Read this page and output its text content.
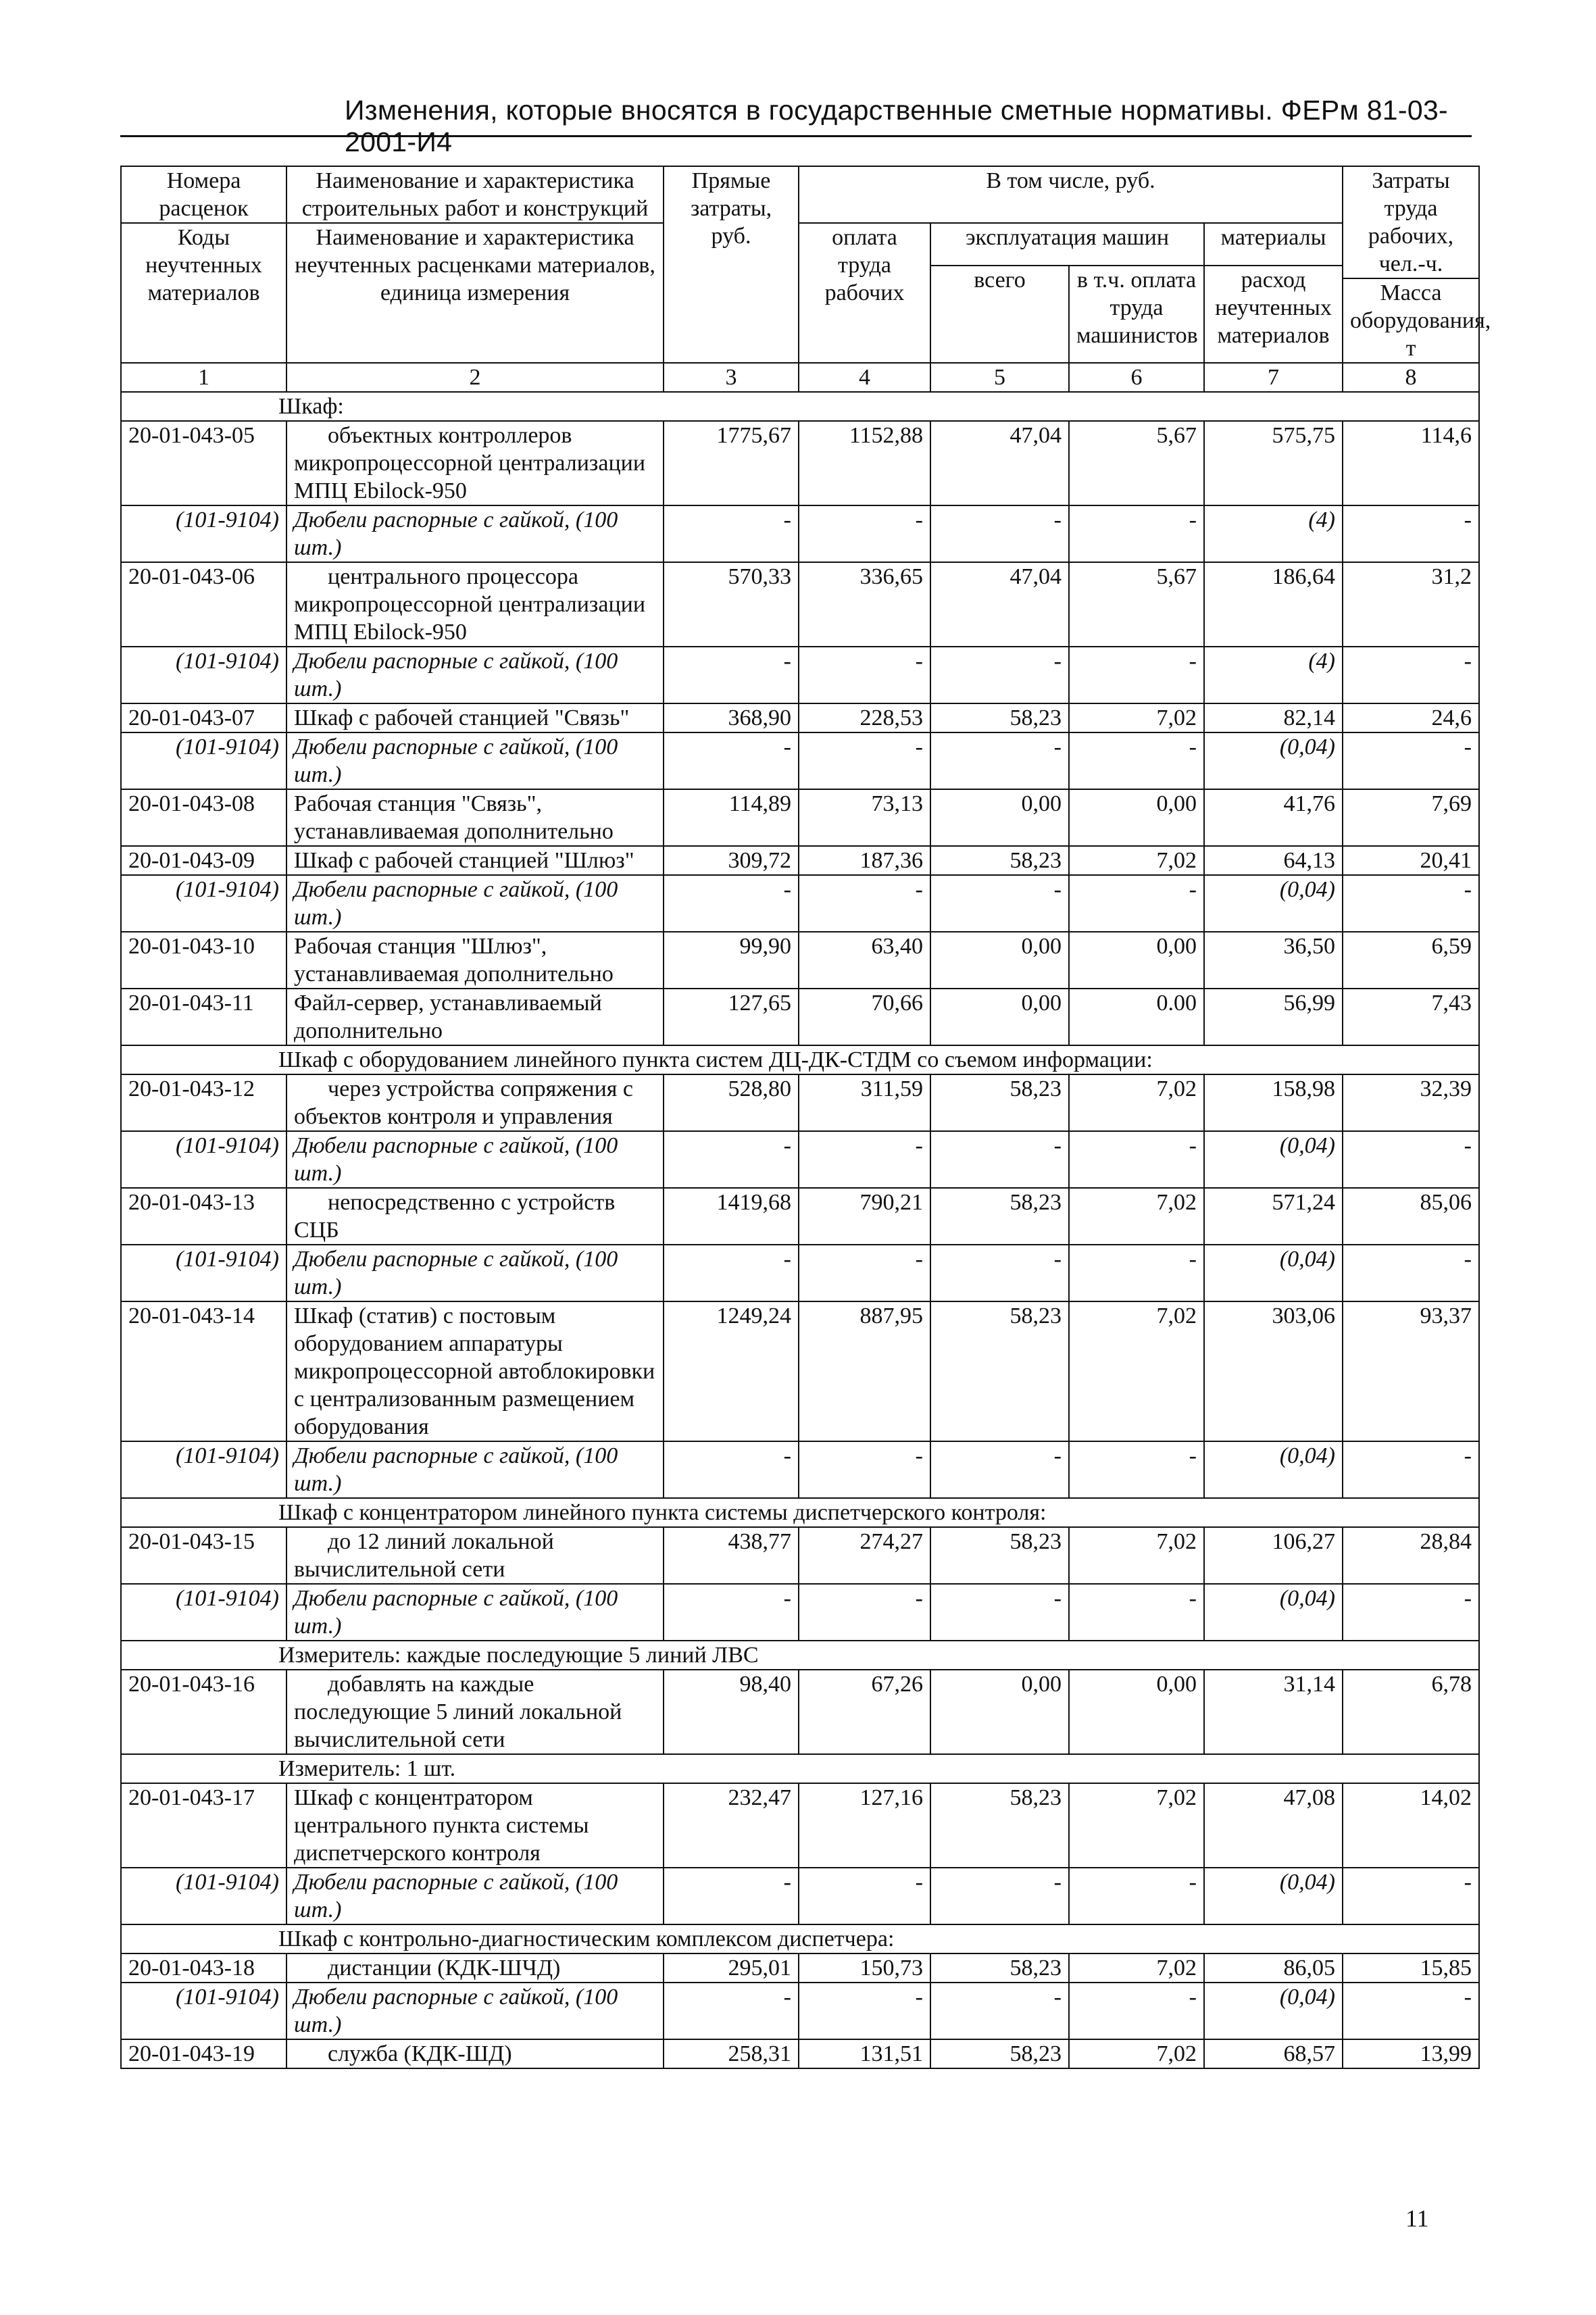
Изменения, которые вносятся в государственные сметные нормативы. ФЕРм 81-03-2001-И4
Номера расценок	Наименование и характеристика строительных работ и конструкций	Прямые затраты, руб.	В том числе, руб.				Затраты труда рабочих, чел.-ч.
Коды неучтенных материалов	Наименование и характеристика неучтенных расценками материалов, единица измерения		оплата труда рабочих	эксплуатация машин		материалы	
				всего	в т.ч. оплата труда машинистов	расход неучтенных материалов	
							Масса оборудования, т
1	2	3	4	5	6	7	8
Шкаф:							
20-01-043-05	объектных контроллеров микропроцессорной централизации МПЦ Ebilock-950	1775,67	1152,88	47,04	5,67	575,75	114,6
(101-9104)	Дюбели распорные с гайкой, (100 шт.)	-	-	-	-	(4)	-
20-01-043-06	центрального процессора микропроцессорной централизации МПЦ Ebilock-950	570,33	336,65	47,04	5,67	186,64	31,2
(101-9104)	Дюбели распорные с гайкой, (100 шт.)	-	-	-	-	(4)	-
20-01-043-07	Шкаф с рабочей станцией "Связь"	368,90	228,53	58,23	7,02	82,14	24,6
(101-9104)	Дюбели распорные с гайкой, (100 шт.)	-	-	-	-	(0,04)	-
20-01-043-08	Рабочая станция "Связь", устанавливаемая дополнительно	114,89	73,13	0,00	0,00	41,76	7,69
20-01-043-09	Шкаф с рабочей станцией "Шлюз"	309,72	187,36	58,23	7,02	64,13	20,41
(101-9104)	Дюбели распорные с гайкой, (100 шт.)	-	-	-	-	(0,04)	-
20-01-043-10	Рабочая станция "Шлюз", устанавливаемая дополнительно	99,90	63,40	0,00	0,00	36,50	6,59
20-01-043-11	Файл-сервер, устанавливаемый дополнительно	127,65	70,66	0,00	0.00	56,99	7,43
Шкаф с оборудованием линейного пункта систем ДЦ-ДК-СТДМ со съемом информации:							
20-01-043-12	через устройства сопряжения с объектов контроля и управления	528,80	311,59	58,23	7,02	158,98	32,39
(101-9104)	Дюбели распорные с гайкой, (100 шт.)	-	-	-	-	(0,04)	-
20-01-043-13	непосредственно с устройств СЦБ	1419,68	790,21	58,23	7,02	571,24	85,06
(101-9104)	Дюбели распорные с гайкой, (100 шт.)	-	-	-	-	(0,04)	-
20-01-043-14	Шкаф (статив) с постовым оборудованием аппаратуры микропроцессорной автоблокировки с централизованным размещением оборудования	1249,24	887,95	58,23	7,02	303,06	93,37
(101-9104)	Дюбели распорные с гайкой, (100 шт.)	-	-	-	-	(0,04)	-
Шкаф с концентратором линейного пункта системы диспетчерского контроля:							
20-01-043-15	до 12 линий локальной вычислительной сети	438,77	274,27	58,23	7,02	106,27	28,84
(101-9104)	Дюбели распорные с гайкой, (100 шт.)	-	-	-	-	(0,04)	-
Измеритель: каждые последующие 5 линий ЛВС							
20-01-043-16	добавлять на каждые последующие 5 линий локальной вычислительной сети	98,40	67,26	0,00	0,00	31,14	6,78
Измеритель: 1 шт.							
20-01-043-17	Шкаф с концентратором центрального пункта системы диспетчерского контроля	232,47	127,16	58,23	7,02	47,08	14,02
(101-9104)	Дюбели распорные с гайкой, (100 шт.)	-	-	-	-	(0,04)	-
Шкаф с контрольно-диагностическим комплексом диспетчера:							
20-01-043-18	дистанции (КДК-ШЧД)	295,01	150,73	58,23	7,02	86,05	15,85
(101-9104)	Дюбели распорные с гайкой, (100 шт.)	-	-	-	-	(0,04)	-
20-01-043-19	служба (КДК-ШД)	258,31	131,51	58,23	7,02	68,57	13,99
11
